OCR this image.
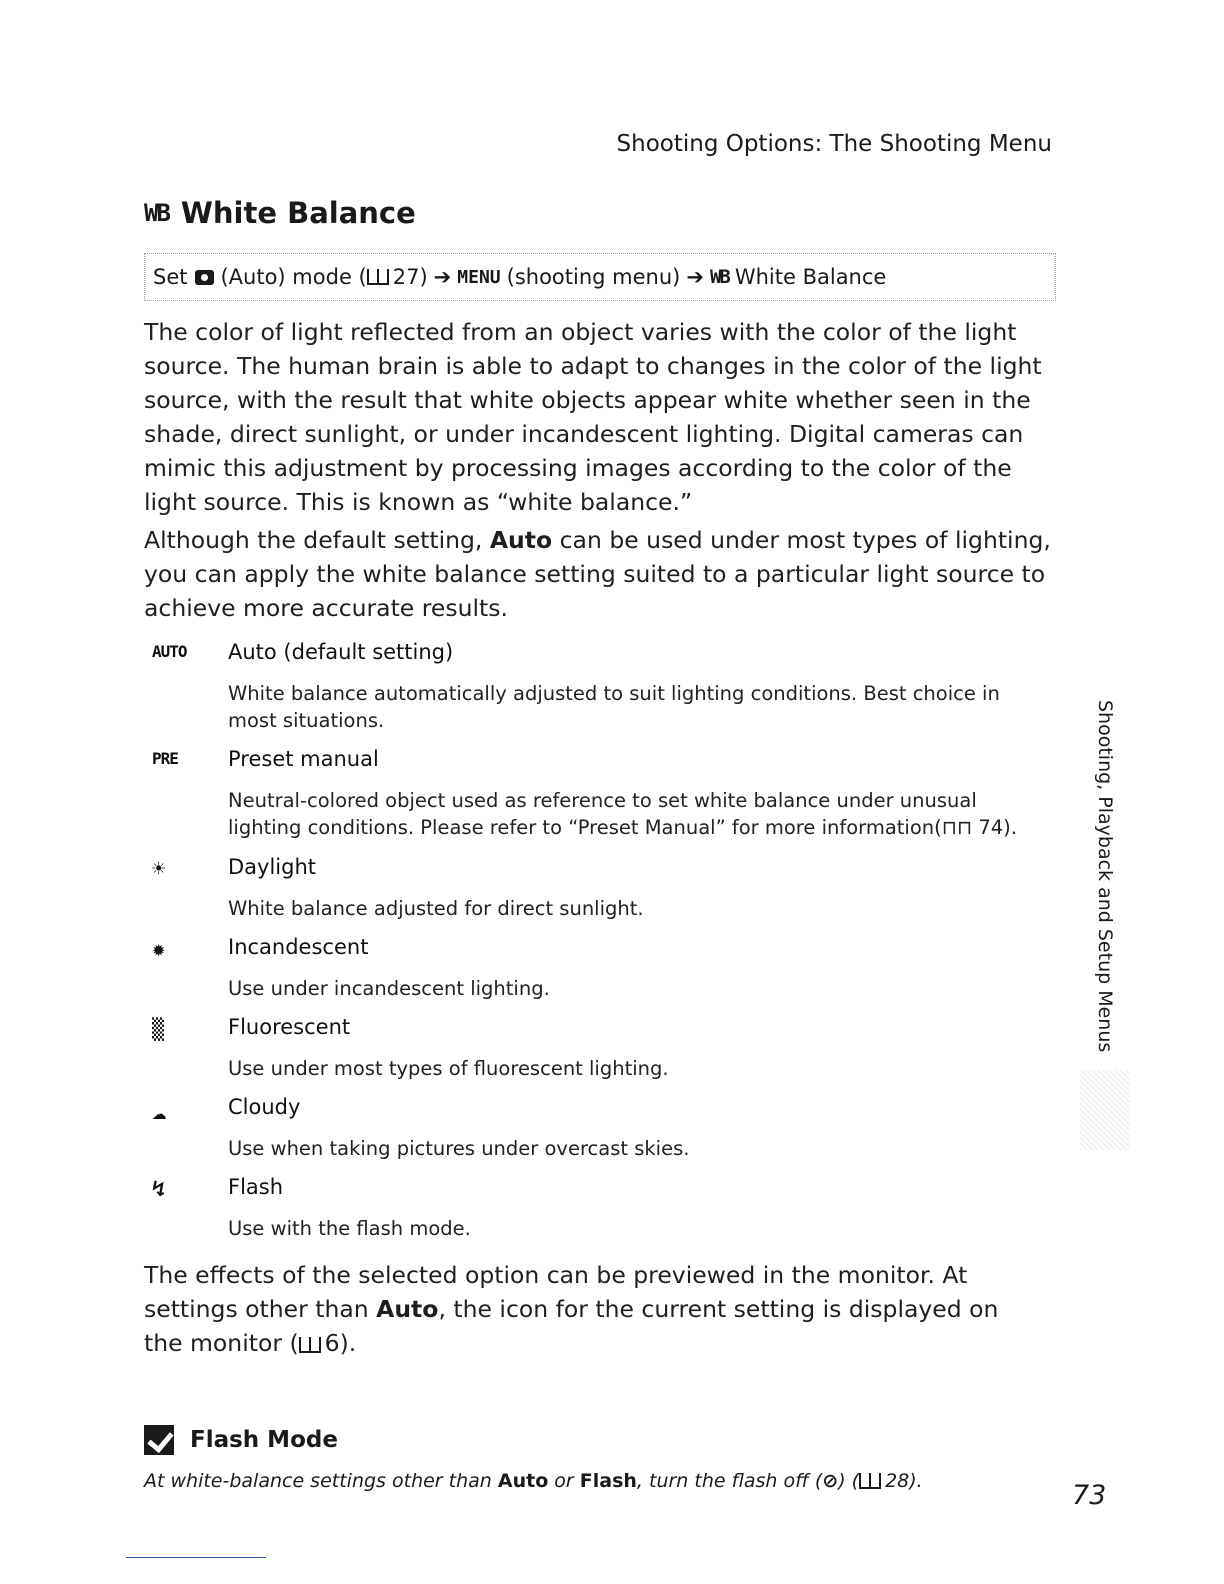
Shooting Options: The Shooting Menu
WB White Balance
Set (Auto) mode ( 27) ➔ MENU (shooting menu) ➔ WB White Balance

The color of light reflected from an object varies with the color of the light source. The human brain is able to adapt to changes in the color of the light source, with the result that white objects appear white whether seen in the shade, direct sunlight, or under incandescent lighting. Digital cameras can mimic this adjustment by processing images according to the color of the light source. This is known as “white balance.”

Although the default setting, Auto can be used under most types of lighting, you can apply the white balance setting suited to a particular light source to achieve more accurate results.

AUTO Auto (default setting)
White balance automatically adjusted to suit lighting conditions. Best choice in most situations.
PRE	Preset manual
Neutral-colored object used as reference to set white balance under unusual lighting conditions. Please refer to “Preset Manual” for more information(⊓⊓ 74).
☀	Daylight
White balance adjusted for direct sunlight.
✹	Incandescent
Use under incandescent lighting.
▒	Fluorescent
Use under most types of fluorescent lighting.
☁	Cloudy
Use when taking pictures under overcast skies.
↯	Flash
Use with the flash mode.
The effects of the selected option can be previewed in the monitor. At settings other than Auto, the icon for the current setting is displayed on the monitor ( 6).
Flash Mode
At white-balance settings other than Auto or Flash, turn the flash off (⊘) ( 28).
Shooting, Playback and Setup Menus
73
